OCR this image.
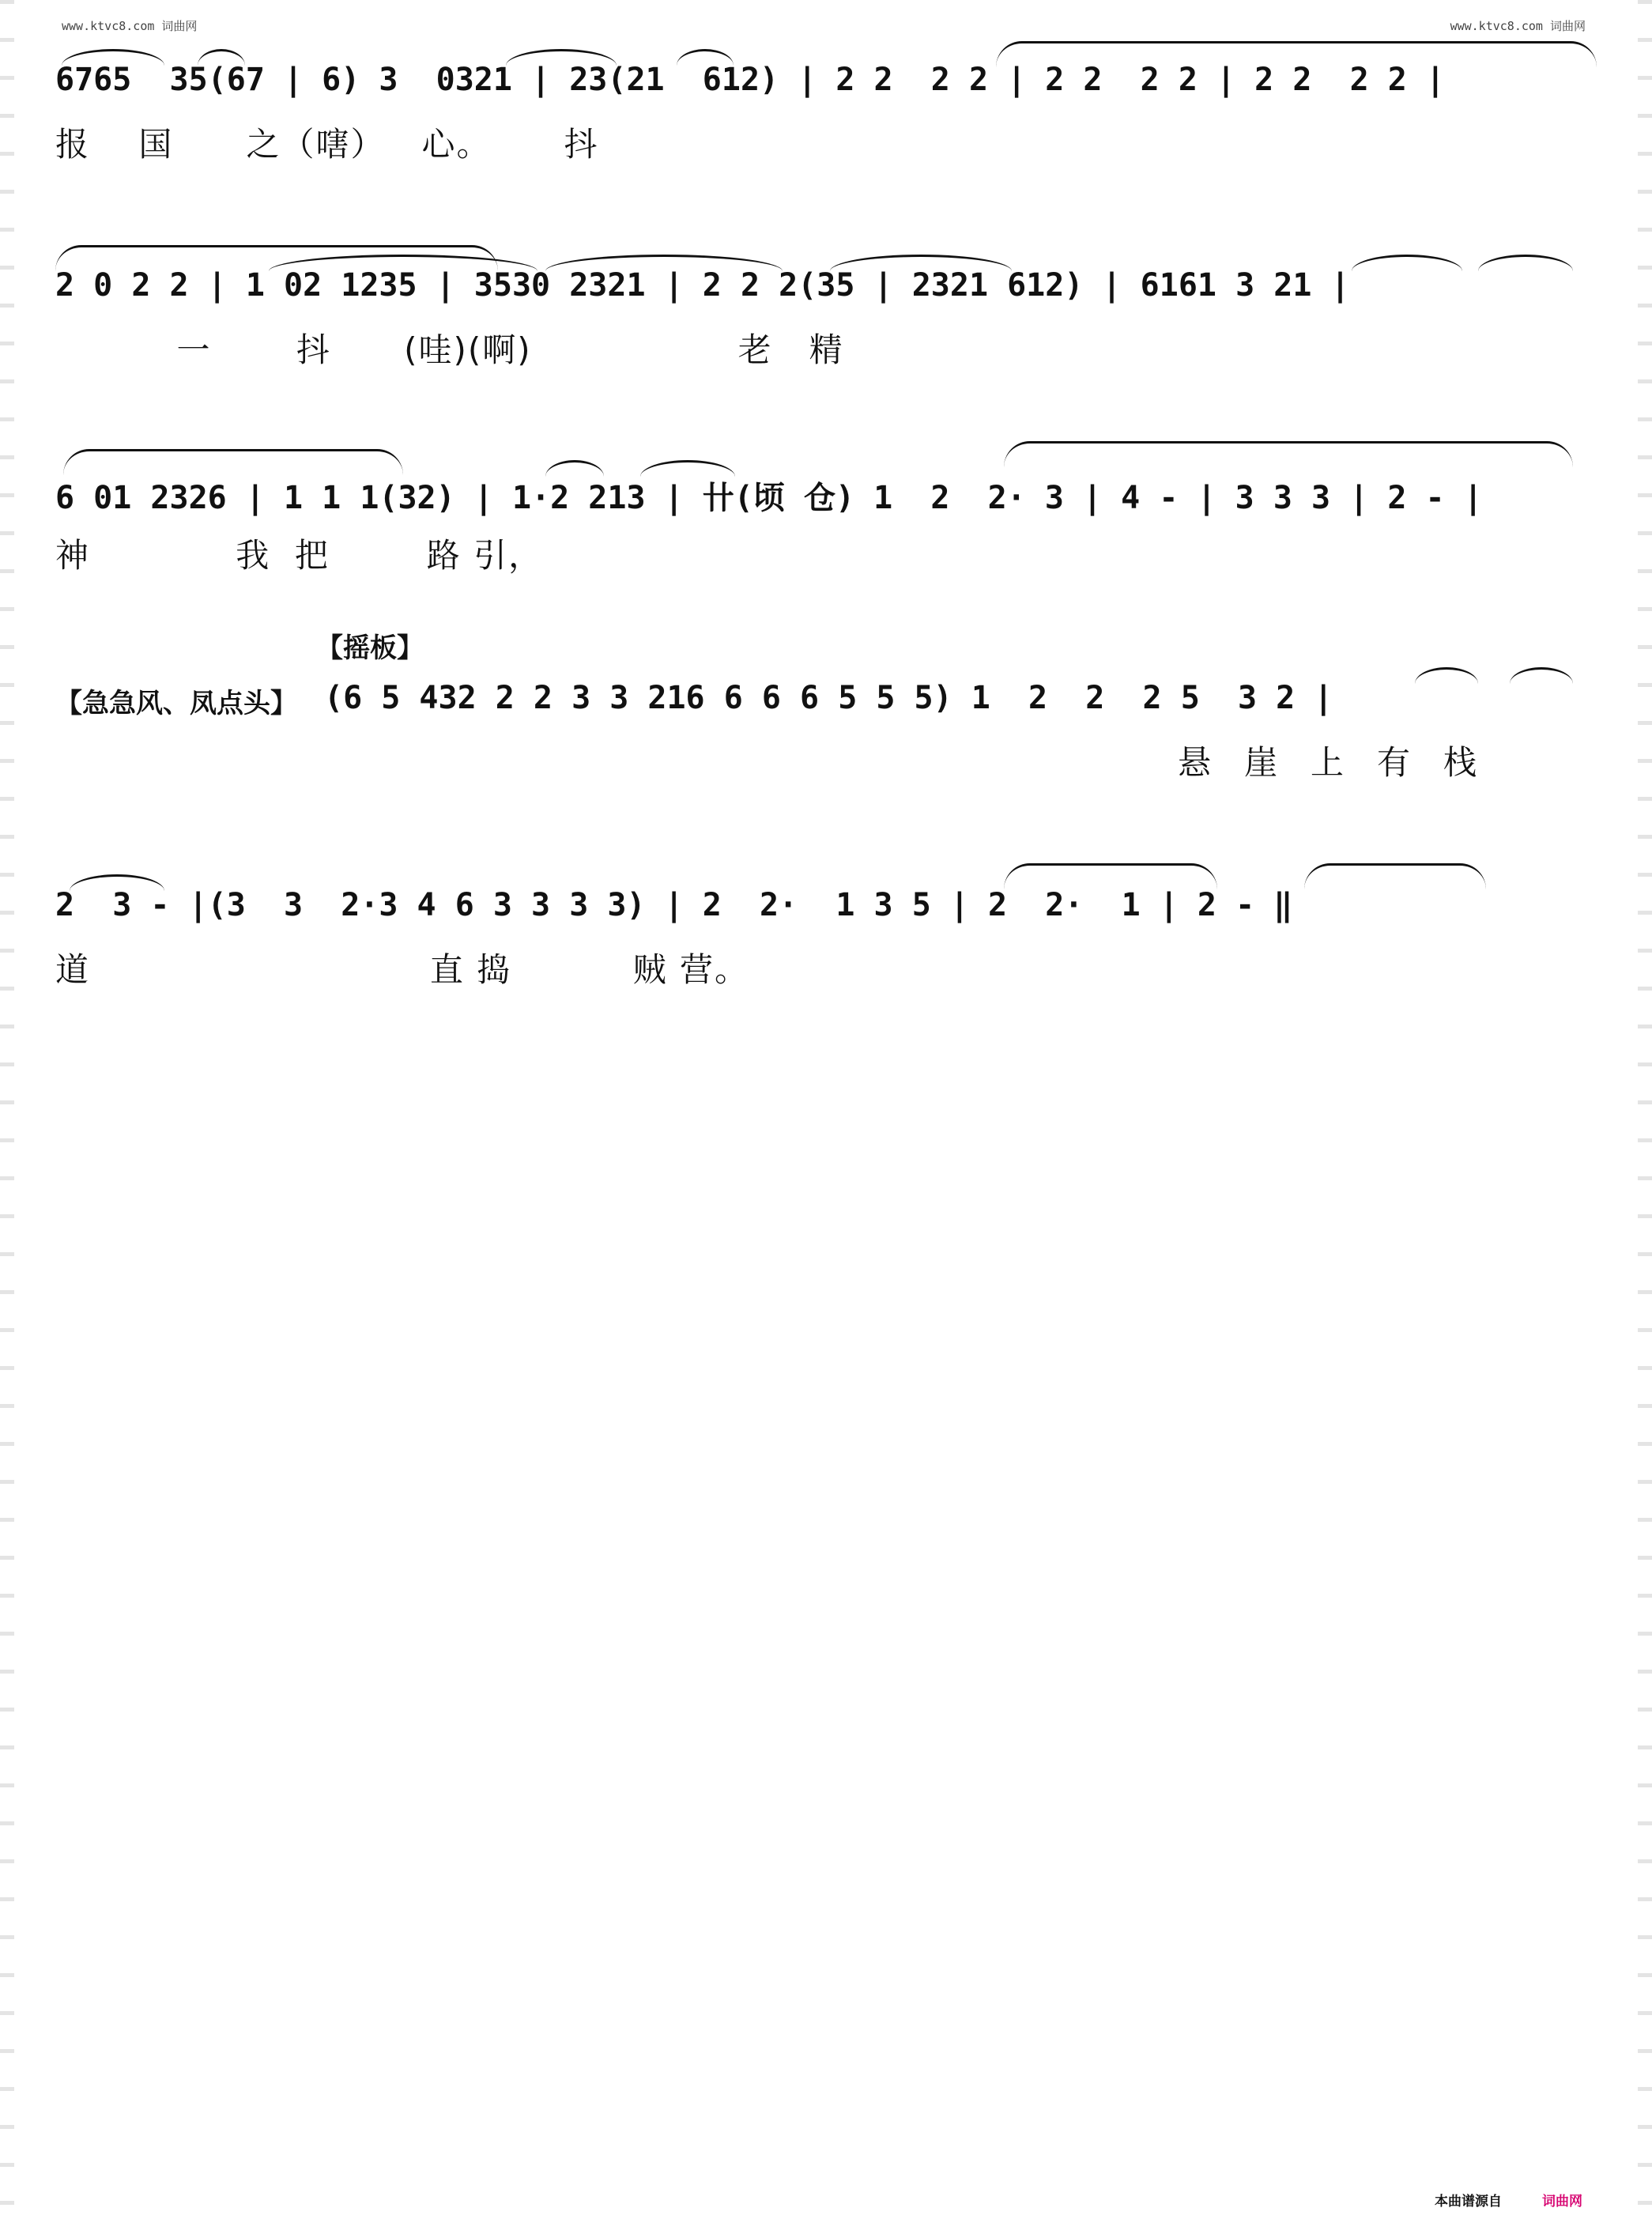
www.ktvc8.com 词曲网	www.ktvc8.com 词曲网
6765  35(67 | 6) 3  0321 | 23(21  612) | 2 2  2 2 | 2 2  2 2 | 2 2  2 2 |
报    国      之（嗐）   心。      抖
2 0 2 2 | 1 02 1235 | 3530 2321 | 2 2 2(35 | 2321 612) | 6161 3 21 |
一       抖      (哇)(啊)                 老   精
6 01 2326 | 1 1 1(32) | 1·2 213 | 卄(顷 仓) 1  2  2· 3 | 4 - | 3 3 3 | 2 - |
神            我  把        路 引，
【摇板】
【急急风、凤点头】 (6 5 432 2 2 3 3 216 6 6 6 5 5 5) 1  2  2  2 5  3 2 |
悬崖上有栈
2  3 - |(3  3  2·3 4 6 3 3 3 3) | 2  2·  1 3 5 | 2  2·  1 | 2 - ‖
道                            直 捣          贼 营。
本曲谱源自	词曲网
